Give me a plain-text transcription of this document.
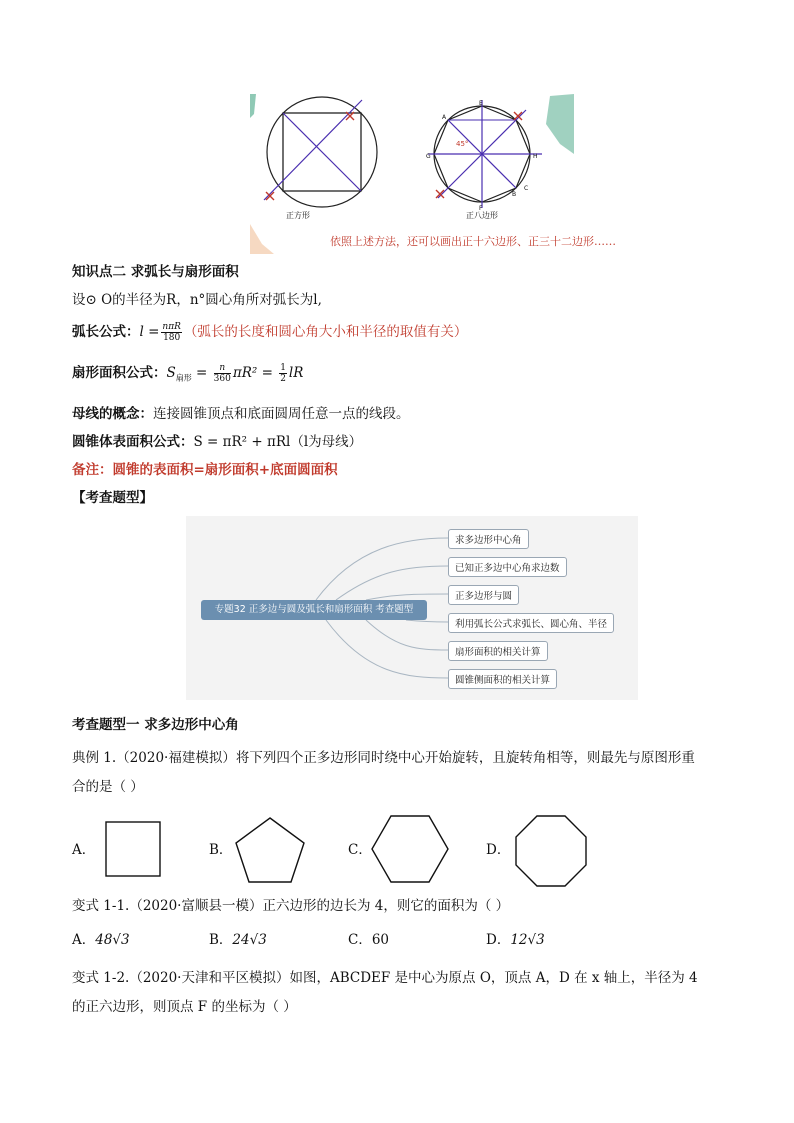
正方形
45°
A
B
C
E
F
G	H
正八边形
依照上述方法，还可以画出正十六边形、正三十二边形……
知识点二 求弧长与扇形面积
设⊙ O的半径为R，n°圆心角所对弧长为l,
弧长公式：$l = \frac{\text{nπR}}{180}$ （弧长的长度和圆心角大小和半径的取值有关）
扇形面积公式：$S_{扇形} = \frac{n}{360} \pi R^2 = \frac{1}{2}$ lR
母线的概念：连接圆锥顶点和底面圆周任意一点的线段。
圆锥体表面积公式：S = πR² + πRl（l为母线）
备注：圆锥的表面积=扇形面积+底面圆面积
【考查题型】
专题32 正多边与圆及弧长和扇形面积 考查题型
求多边形中心角
已知正多边中心角求边数
正多边形与圆
利用弧长公式求弧长、圆心角、半径
扇形面积的相关计算
圆锥侧面积的相关计算
考查题型一 求多边形中心角
典例 1.（2020·福建模拟）将下列四个正多边形同时绕中心开始旋转，且旋转角相等，则最先与原图形重
合的是（ ）
A．	B．	C．	D．
变式 1-1.（2020·富顺县一模）正六边形的边长为 4，则它的面积为（ ）
A．48√3	B．24√3	C．60	D．12√3
变式 1-2.（2020·天津和平区模拟）如图，ABCDEF 是中心为原点 O，顶点 A，D 在 x 轴上，半径为 4
的正六边形，则顶点 F 的坐标为（ ）
